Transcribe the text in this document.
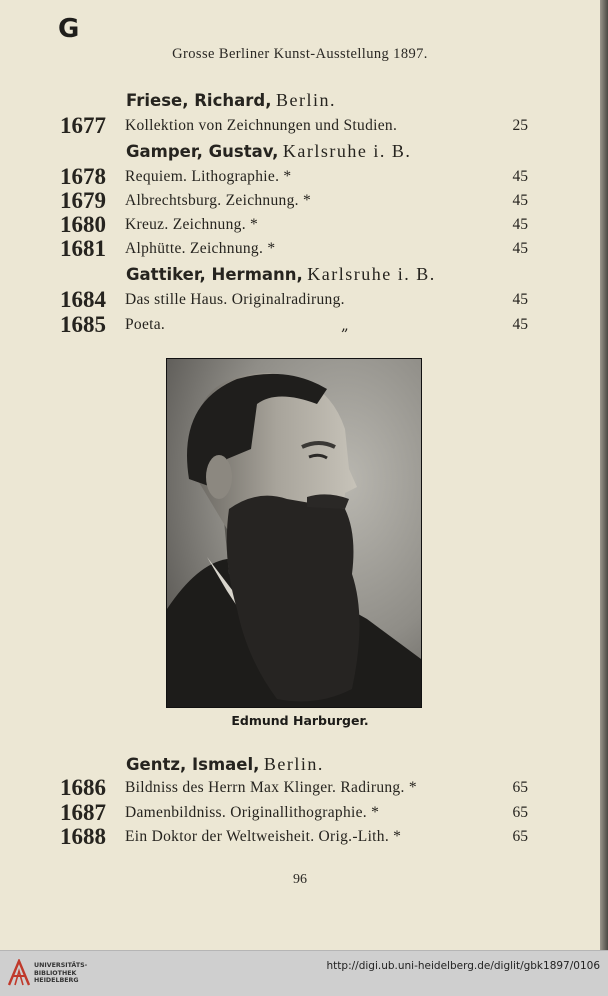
G
Grosse Berliner Kunst-Ausstellung 1897.
Friese, Richard, Berlin.
1677 Kollektion von Zeichnungen und Studien.	25
Gamper, Gustav, Karlsruhe i. B.
1678 Requiem. Lithographie. *	45
1679 Albrechtsburg. Zeichnung. *	45
1680 Kreuz. Zeichnung. *	45
1681 Alphütte. Zeichnung. *	45
Gattiker, Hermann, Karlsruhe i. B.
1684 Das stille Haus. Originalradirung.	45
1685 Poeta.	„	45
Edmund Harburger.
Gentz, Ismael, Berlin.
1686 Bildniss des Herrn Max Klinger. Radirung. *	65
1687 Damenbildniss. Originallithographie. *	65
1688 Ein Doktor der Weltweisheit. Orig.-Lith. *	65
96
UNIVERSITÄTS-
BIBLIOTHEK
HEIDELBERG
http://digi.ub.uni-heidelberg.de/diglit/gbk1897/0106
